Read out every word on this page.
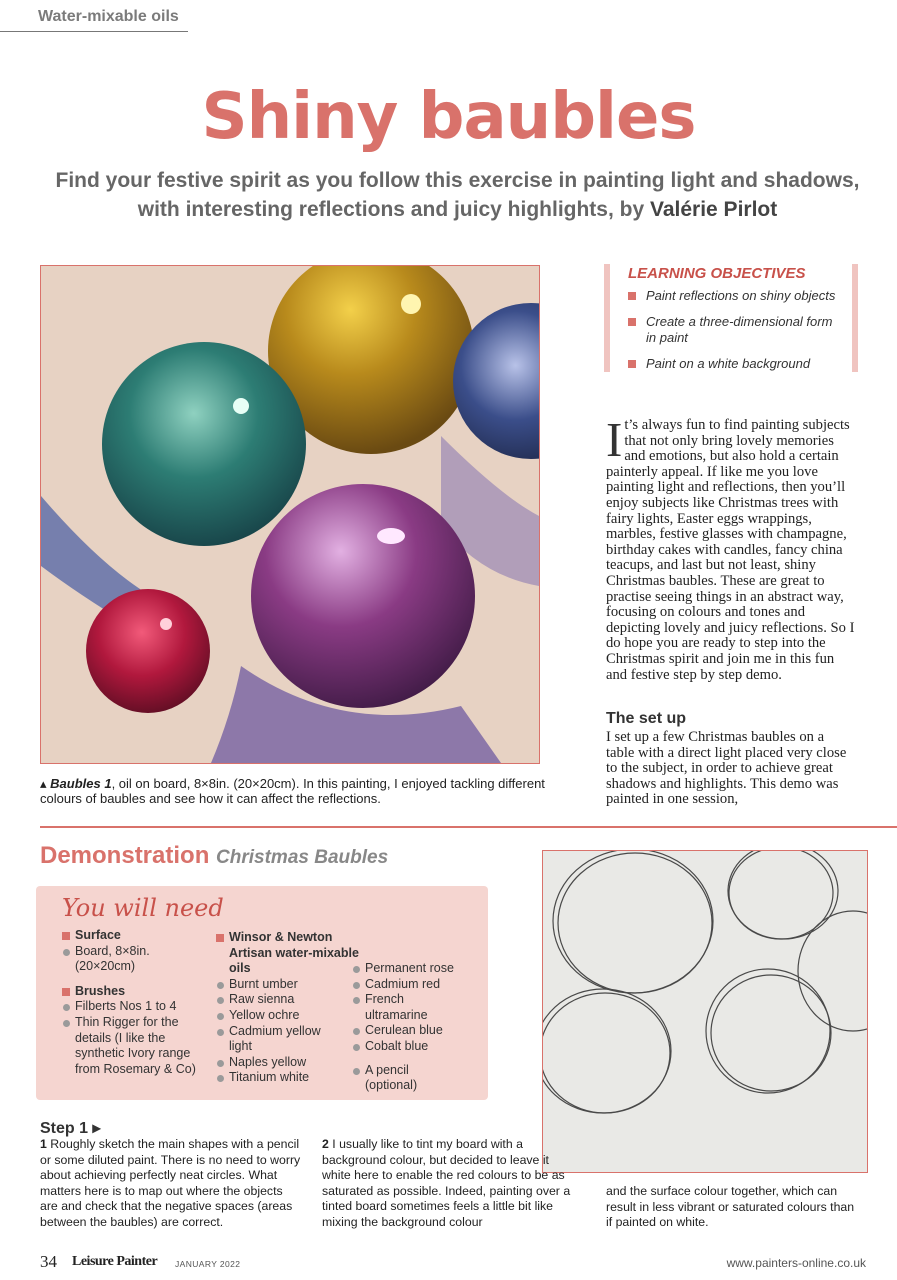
Water-mixable oils
Shiny baubles
Find your festive spirit as you follow this exercise in painting light and shadows, with interesting reflections and juicy highlights, by Valérie Pirlot
▴ Baubles 1, oil on board, 8×8in. (20×20cm). In this painting, I enjoyed tackling different colours of baubles and see how it can affect the reflections.
LEARNING OBJECTIVES
Paint reflections on shiny objects
Create a three-dimensional form in paint
Paint on a white background
It’s always fun to find painting subjects that not only bring lovely memories and emotions, but also hold a certain painterly appeal. If like me you love painting light and reflections, then you’ll enjoy subjects like Christmas trees with fairy lights, Easter eggs wrappings, marbles, festive glasses with champagne, birthday cakes with candles, fancy china teacups, and last but not least, shiny Christmas baubles. These are great to practise seeing things in an abstract way, focusing on colours and tones and depicting lovely and juicy reflections. So I do hope you are ready to step into the Christmas spirit and join me in this fun and festive step by step demo.
The set up
I set up a few Christmas baubles on a table with a direct light placed very close to the subject, in order to achieve great shadows and highlights. This demo was painted in one session,
Demonstration Christmas Baubles
You will need
Surface
Board, 8×8in. (20×20cm)
Brushes
Filberts Nos 1 to 4
Thin Rigger for the details (I like the synthetic Ivory range from Rosemary & Co)
Winsor & Newton Artisan water-mixable oils
Burnt umber
Raw sienna
Yellow ochre
Cadmium yellow light
Naples yellow
Titanium white
Permanent rose
Cadmium red
French ultramarine
Cerulean blue
Cobalt blue
A pencil (optional)
Step 1 ▸
1 Roughly sketch the main shapes with a pencil or some diluted paint. There is no need to worry about achieving perfectly neat circles. What matters here is to map out where the objects are and check that the negative spaces (areas between the baubles) are correct.
2 I usually like to tint my board with a background colour, but decided to leave it white here to enable the red colours to be as saturated as possible. Indeed, painting over a tinted board sometimes feels a little bit like mixing the background colour
and the surface colour together, which can result in less vibrant or saturated colours than if painted on white.
34 Leisure Painter JANUARY 2022	www.painters-online.co.uk
